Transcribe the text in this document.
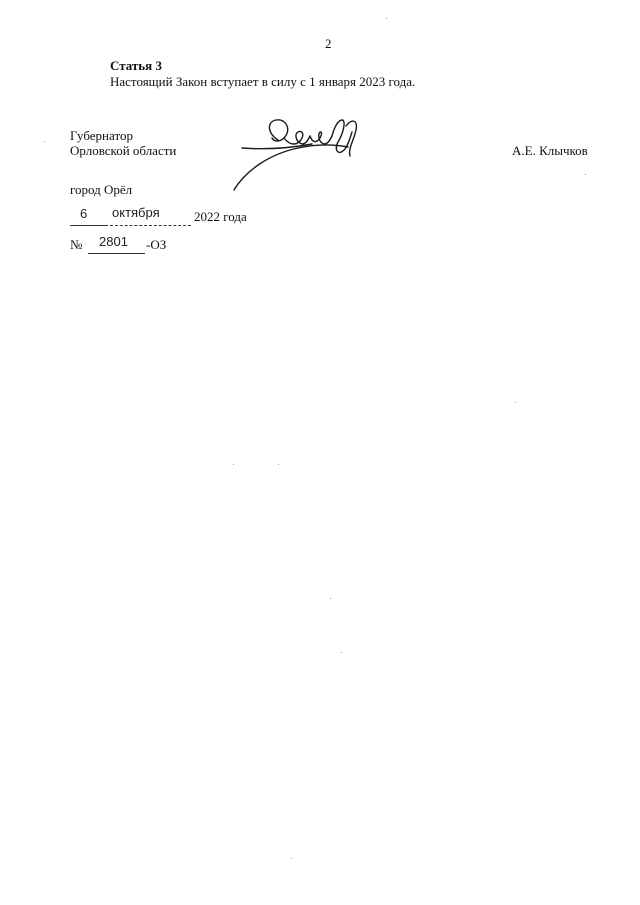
2
Статья 3
Настоящий Закон вступает в силу с 1 января 2023 года.
Губернатор
Орловской области	А.Е. Клычков
город Орёл
6 октября	2022 года
№ 2801 -ОЗ
